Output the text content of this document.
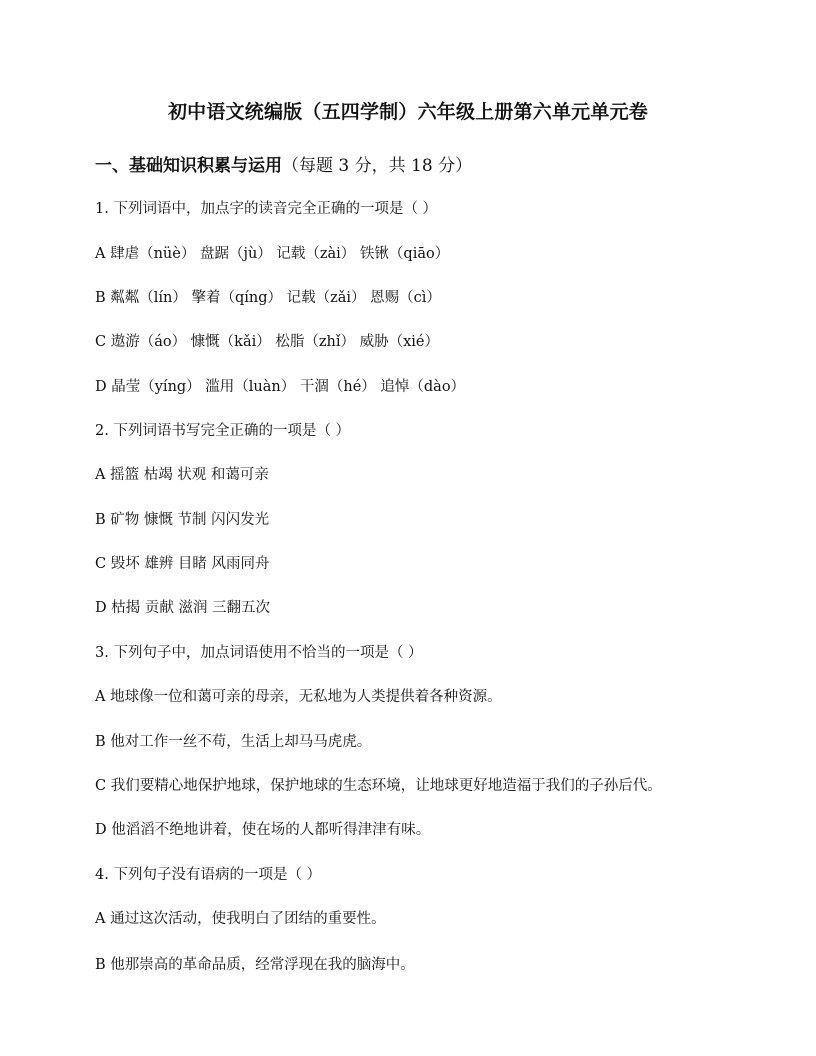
初中语文统编版（五四学制）六年级上册第六单元单元卷
一、基础知识积累与运用（每题 3 分，共 18 分）
1. 下列词语中，加点字的读音完全正确的一项是（ ）
A 肆虐（nüè） 盘踞（jù） 记载（zài） 铁锹（qiāo）
B 粼粼（lín） 擎着（qíng） 记载（zǎi） 恩赐（cì）
C 遨游（áo） 慷慨（kǎi） 松脂（zhǐ） 威胁（xié）
D 晶莹（yíng） 滥用（luàn） 干涸（hé） 追悼（dào）
2. 下列词语书写完全正确的一项是（ ）
A 摇篮 枯竭 状观 和蔼可亲
B 矿物 慷慨 节制 闪闪发光
C 毁坏 雄辨 目睹 风雨同舟
D 枯揭 贡献 滋润 三翻五次
3. 下列句子中，加点词语使用不恰当的一项是（ ）
A 地球像一位和蔼可亲的母亲，无私地为人类提供着各种资源。
B 他对工作一丝不苟，生活上却马马虎虎。
C 我们要精心地保护地球，保护地球的生态环境，让地球更好地造福于我们的子孙后代。
D 他滔滔不绝地讲着，使在场的人都听得津津有味。
4. 下列句子没有语病的一项是（ ）
A 通过这次活动，使我明白了团结的重要性。
B 他那崇高的革命品质，经常浮现在我的脑海中。
